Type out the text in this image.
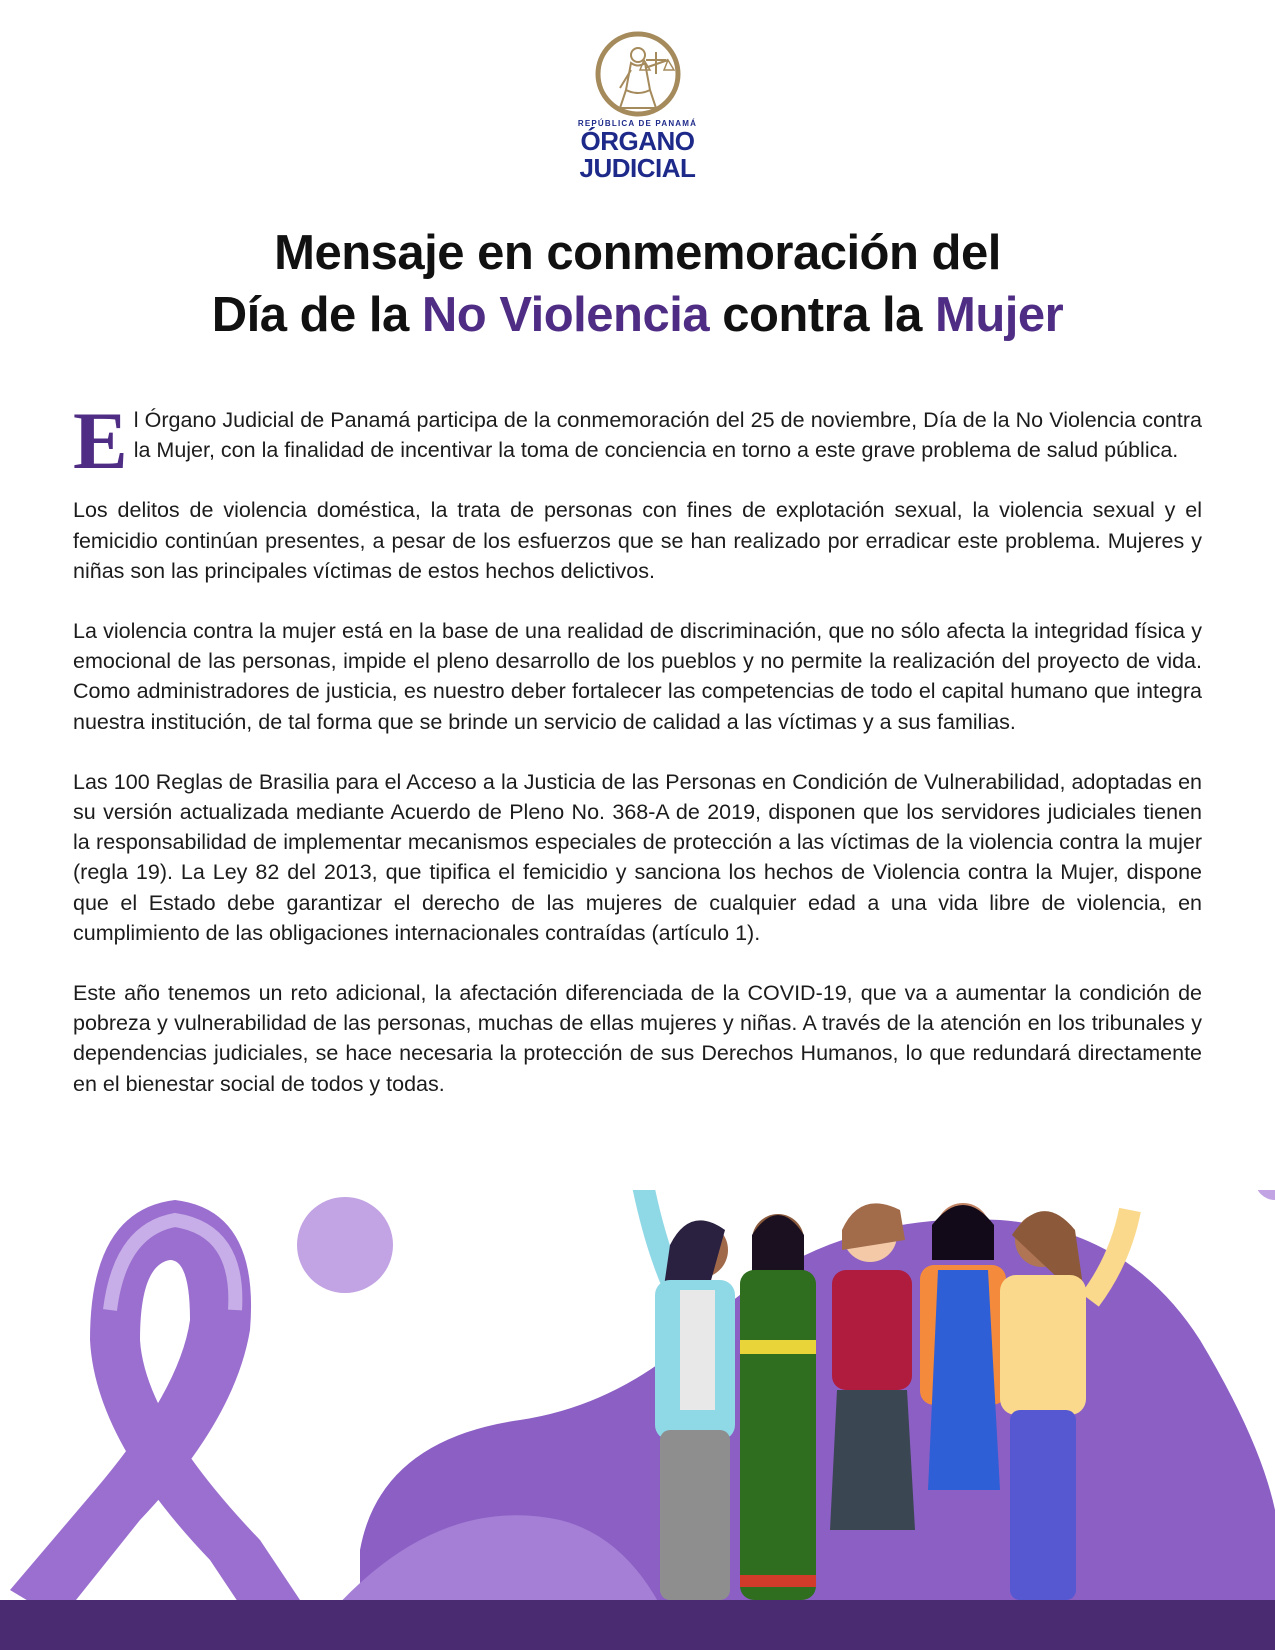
REPÚBLICA DE PANAMÁ
ÓRGANO
JUDICIAL
Mensaje en conmemoración del
Día de la No Violencia contra la Mujer

El Órgano Judicial de Panamá participa de la conmemoración del 25 de noviembre, Día de la No Violencia contra la Mujer, con la finalidad de incentivar la toma de conciencia en torno a este grave problema de salud pública.

Los delitos de violencia doméstica, la trata de personas con fines de explotación sexual, la violencia sexual y el femicidio continúan presentes, a pesar de los esfuerzos que se han realizado por erradicar este problema. Mujeres y niñas son las principales víctimas de estos hechos delictivos.

La violencia contra la mujer está en la base de una realidad de discriminación, que no sólo afecta la integridad física y emocional de las personas, impide el pleno desarrollo de los pueblos y no permite la realización del proyecto de vida. Como administradores de justicia, es nuestro deber fortalecer las competencias de todo el capital humano que integra nuestra institución, de tal forma que se brinde un servicio de calidad a las víctimas y a sus familias.

Las 100 Reglas de Brasilia para el Acceso a la Justicia de las Personas en Condición de Vulnerabilidad, adoptadas en su versión actualizada mediante Acuerdo de Pleno No. 368-A de 2019, disponen que los servidores judiciales tienen la responsabilidad de implementar mecanismos especiales de protección a las víctimas de la violencia contra la mujer (regla 19). La Ley 82 del 2013, que tipifica el femicidio y sanciona los hechos de Violencia contra la Mujer, dispone que el Estado debe garantizar el derecho de las mujeres de cualquier edad a una vida libre de violencia, en cumplimiento de las obligaciones internacionales contraídas (artículo 1).

Este año tenemos un reto adicional, la afectación diferenciada de la COVID-19, que va a aumentar la condición de pobreza y vulnerabilidad de las personas, muchas de ellas mujeres y niñas. A través de la atención en los tribunales y dependencias judiciales, se hace necesaria la protección de sus Derechos Humanos, lo que redundará directamente en el bienestar social de todos y todas.
